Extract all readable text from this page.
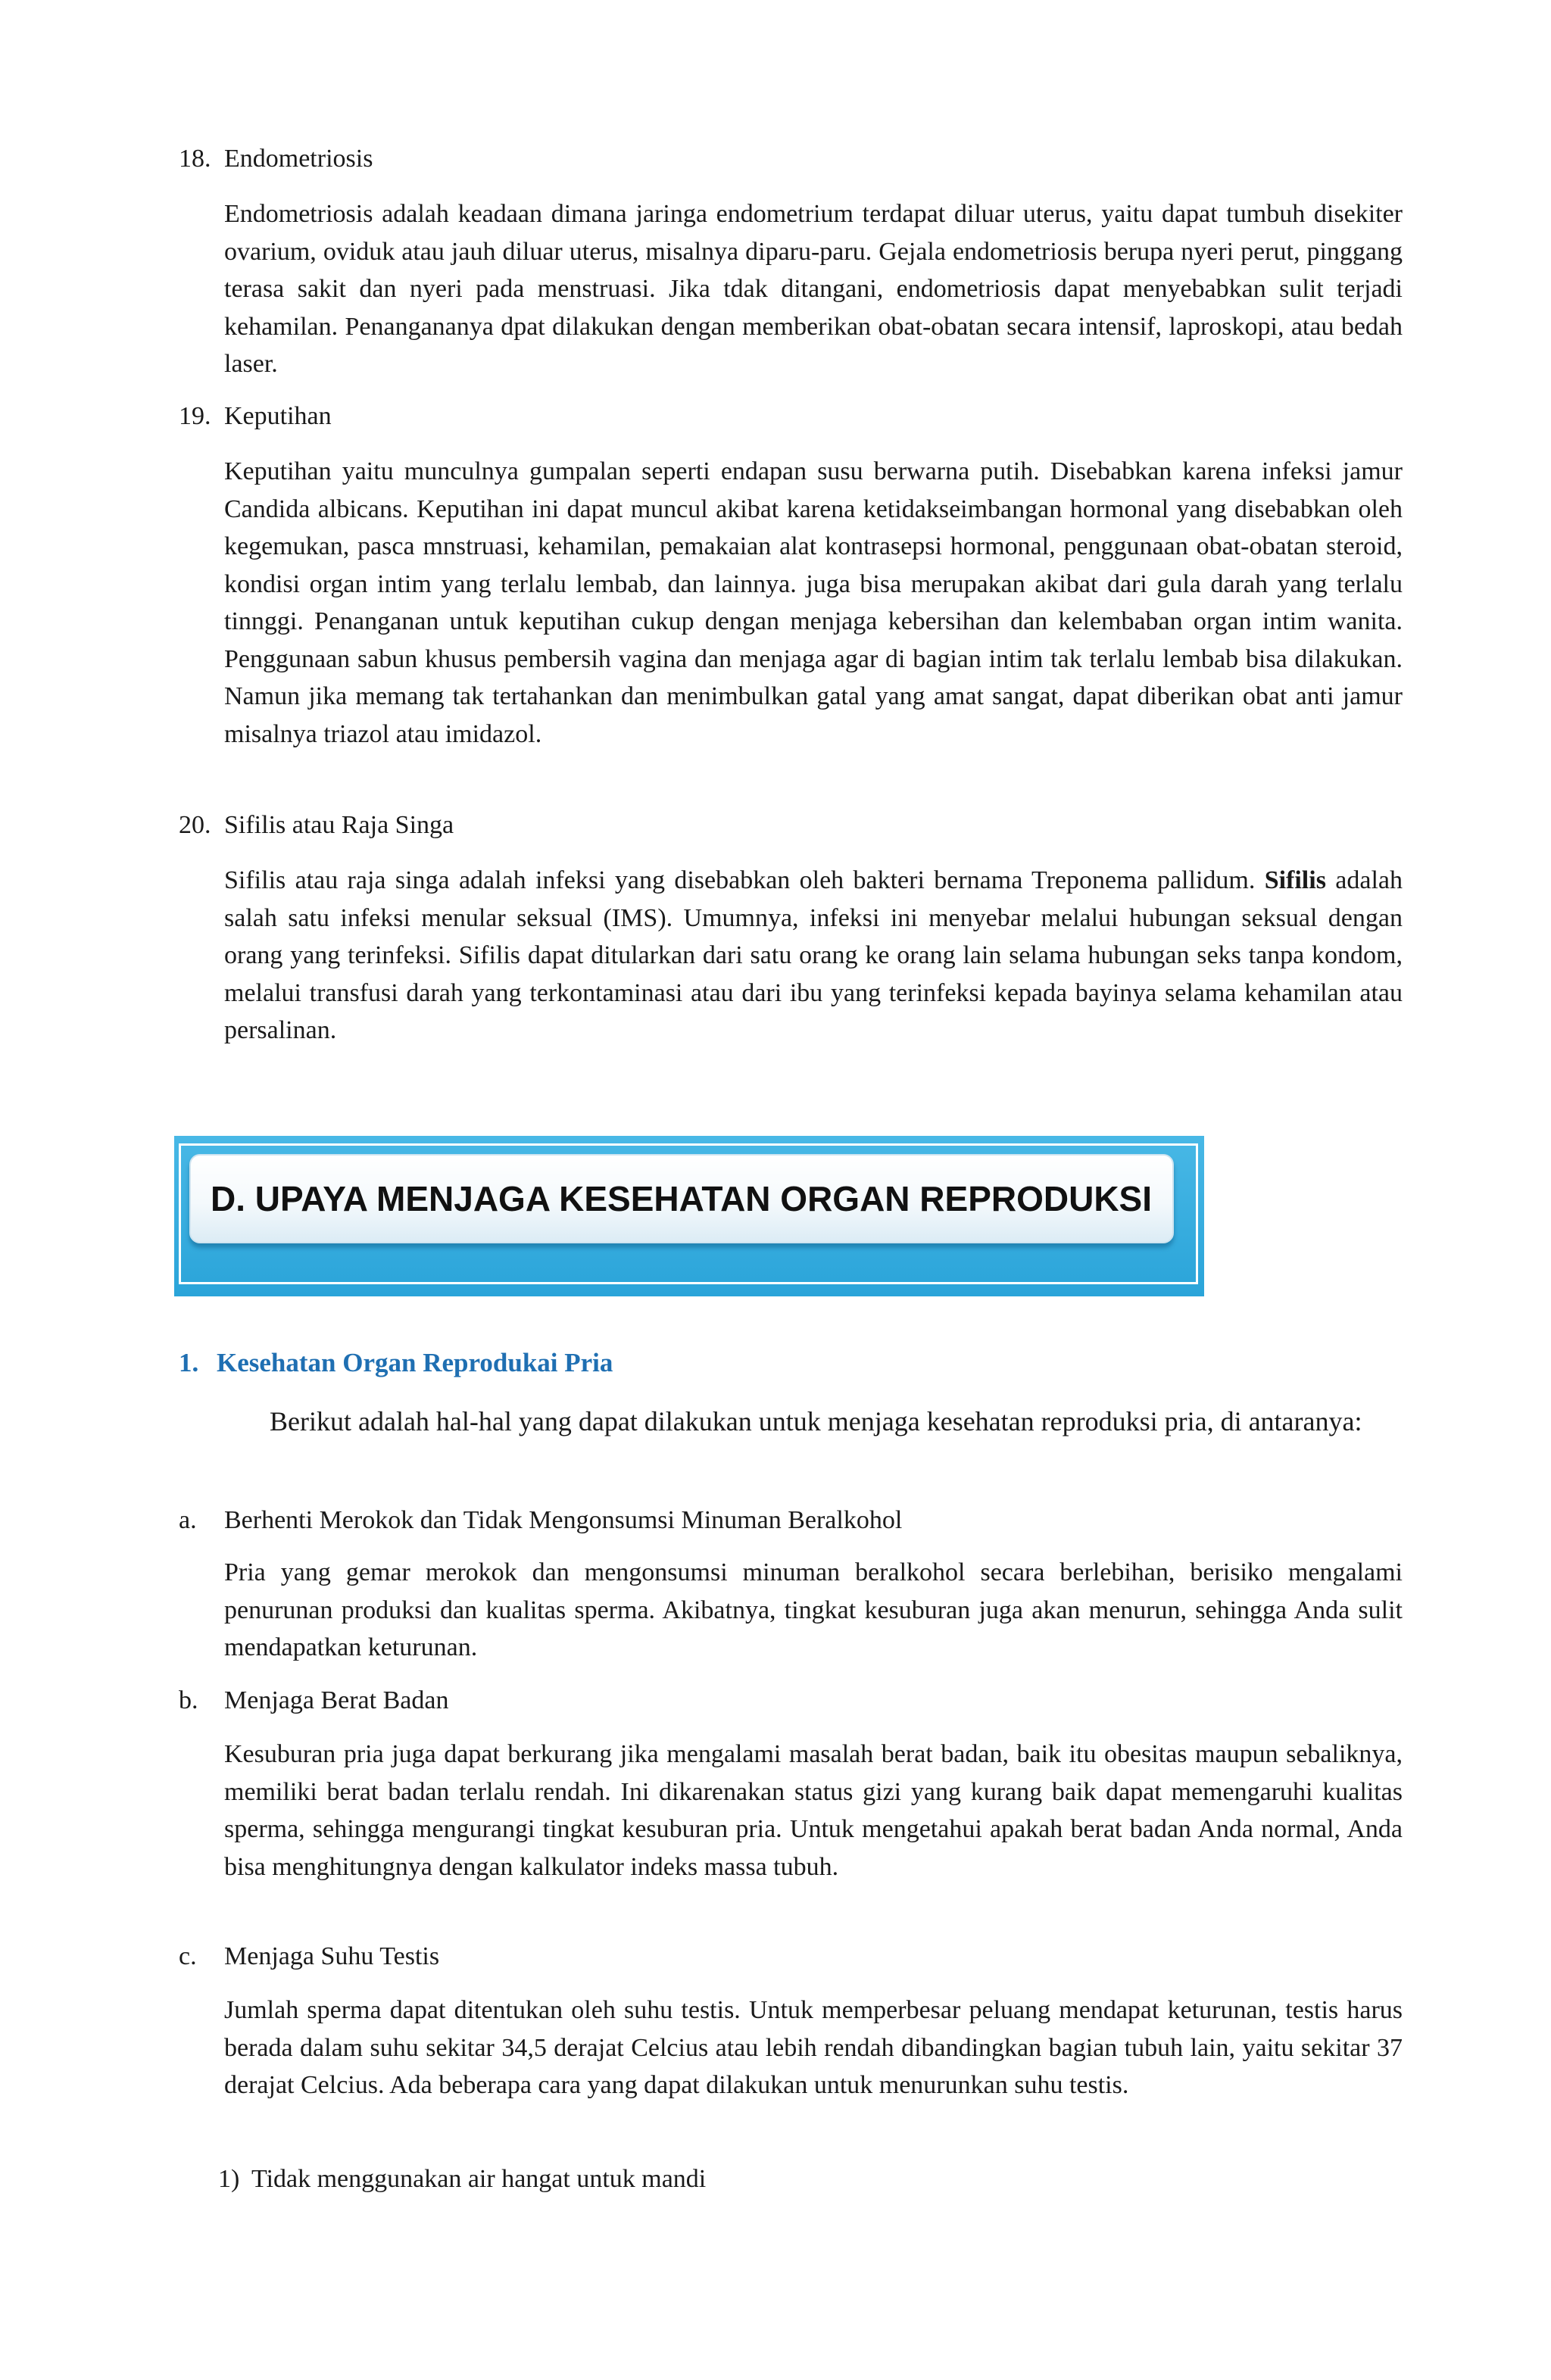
18. Endometriosis

Endometriosis adalah keadaan dimana jaringa endometrium terdapat diluar uterus, yaitu dapat tumbuh disekiter ovarium, oviduk atau jauh diluar uterus, misalnya diparu-paru. Gejala endometriosis berupa nyeri perut, pinggang terasa sakit dan nyeri pada menstruasi. Jika tdak ditangani, endometriosis dapat menyebabkan sulit terjadi kehamilan. Penangananya dpat dilakukan dengan memberikan obat-obatan secara intensif, laproskopi, atau bedah laser.

19. Keputihan

Keputihan yaitu munculnya gumpalan seperti endapan susu berwarna putih. Disebabkan karena infeksi jamur Candida albicans. Keputihan ini dapat muncul akibat karena ketidakseimbangan hormonal yang disebabkan oleh kegemukan, pasca mnstruasi, kehamilan, pemakaian alat kontrasepsi hormonal, penggunaan obat-obatan steroid, kondisi organ intim yang terlalu lembab, dan lainnya. juga bisa merupakan akibat dari gula darah yang terlalu tinnggi. Penanganan untuk keputihan cukup dengan menjaga kebersihan dan kelembaban organ intim wanita. Penggunaan sabun khusus pembersih vagina dan menjaga agar di bagian intim tak terlalu lembab bisa dilakukan. Namun jika memang tak tertahankan dan menimbulkan gatal yang amat sangat, dapat diberikan obat anti jamur misalnya triazol atau imidazol.

20. Sifilis atau Raja Singa

Sifilis atau raja singa adalah infeksi yang disebabkan oleh bakteri bernama Treponema pallidum. Sifilis adalah salah satu infeksi menular seksual (IMS). Umumnya, infeksi ini menyebar melalui hubungan seksual dengan orang yang terinfeksi. Sifilis dapat ditularkan dari satu orang ke orang lain selama hubungan seks tanpa kondom, melalui transfusi darah yang terkontaminasi atau dari ibu yang terinfeksi kepada bayinya selama kehamilan atau persalinan.

D. UPAYA MENJAGA KESEHATAN ORGAN REPRODUKSI
1. Kesehatan Organ Reprodukai Pria

Berikut adalah hal-hal yang dapat dilakukan untuk menjaga kesehatan reproduksi pria, di antaranya:

a. Berhenti Merokok dan Tidak Mengonsumsi Minuman Beralkohol

Pria yang gemar merokok dan mengonsumsi minuman beralkohol secara berlebihan, berisiko mengalami penurunan produksi dan kualitas sperma. Akibatnya, tingkat kesuburan juga akan menurun, sehingga Anda sulit mendapatkan keturunan.

b. Menjaga Berat Badan

Kesuburan pria juga dapat berkurang jika mengalami masalah berat badan, baik itu obesitas maupun sebaliknya, memiliki berat badan terlalu rendah. Ini dikarenakan status gizi yang kurang baik dapat memengaruhi kualitas sperma, sehingga mengurangi tingkat kesuburan pria. Untuk mengetahui apakah berat badan Anda normal, Anda bisa menghitungnya dengan kalkulator indeks massa tubuh.

c. Menjaga Suhu Testis

Jumlah sperma dapat ditentukan oleh suhu testis. Untuk memperbesar peluang mendapat keturunan, testis harus berada dalam suhu sekitar 34,5 derajat Celcius atau lebih rendah dibandingkan bagian tubuh lain, yaitu sekitar 37 derajat Celcius. Ada beberapa cara yang dapat dilakukan untuk menurunkan suhu testis.

1) Tidak menggunakan air hangat untuk mandi
